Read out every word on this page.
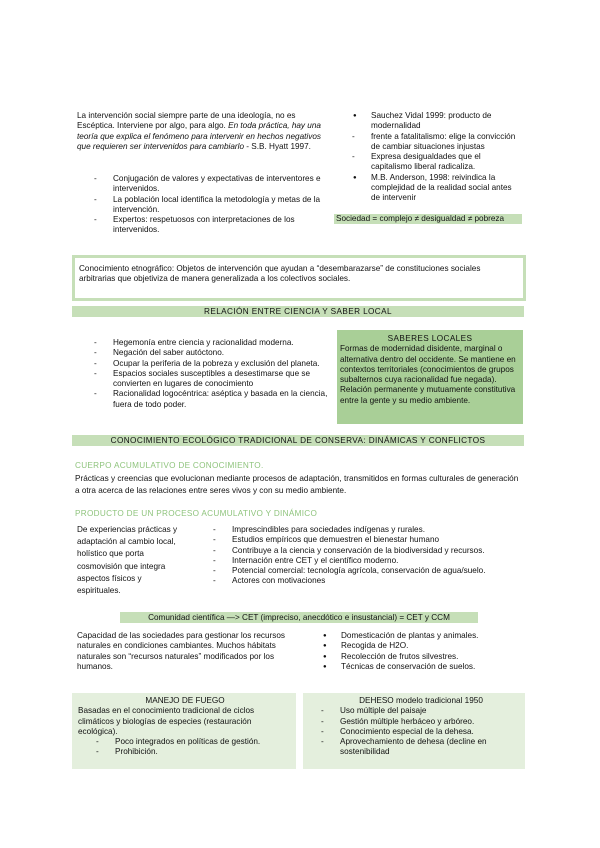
La intervención social siempre parte de una ideología, no es Escéptica. Interviene por algo, para algo. En toda práctica, hay una teoría que explica el fenómeno para intervenir en hechos negativos que requieren ser intervenidos para cambiarlo - S.B. Hyatt 1997.
- Conjugación de valores y expectativas de interventores e intervenidos.
- La población local identifica la metodología y metas de la intervención.
- Expertos: respetuosos con interpretaciones de los intervenidos.
● Sauchez Vidal 1999: producto de modernalidad
- frente a fatalitalismo: elige la convicción de cambiar situaciones injustas
- Expresa desigualdades que el capitalismo liberal radicaliza.
● M.B. Anderson, 1998: reivindica la complejidad de la realidad social antes de intervenir
Sociedad = complejo ≠ desigualdad ≠ pobreza
Conocimiento etnográfico: Objetos de intervención que ayudan a “desembarazarse” de constituciones sociales arbitrarias que objetiviza de manera generalizada a los colectivos sociales.
RELACIÓN ENTRE CIENCIA Y SABER LOCAL
- Hegemonía entre ciencia y racionalidad moderna.
- Negación del saber autóctono.
- Ocupar la periferia de la pobreza y exclusión del planeta.
- Espacios sociales susceptibles a desestimarse que se convierten en lugares de conocimiento
- Racionalidad logocéntrica: aséptica y basada en la ciencia, fuera de todo poder.
SABERES LOCALES
Formas de modernidad disidente, marginal o alternativa dentro del occidente. Se mantiene en contextos territoriales (conocimientos de grupos subalternos cuya racionalidad fue negada). Relación permanente y mutuamente constitutiva entre la gente y su medio ambiente.
CONOCIMIENTO ECOLÓGICO TRADICIONAL DE CONSERVA: DINÁMICAS Y CONFLICTOS
CUERPO ACUMULATIVO DE CONOCIMIENTO.
Prácticas y creencias que evolucionan mediante procesos de adaptación, transmitidos en formas culturales de generación a otra acerca de las relaciones entre seres vivos y con su medio ambiente.
PRODUCTO DE UN PROCESO ACUMULATIVO Y DINÁMICO
De experiencias prácticas y adaptación al cambio local, holístico que porta cosmovisión que integra aspectos físicos y espirituales.
- Imprescindibles para sociedades indígenas y rurales.
- Estudios empíricos que demuestren el bienestar humano
- Contribuye a la ciencia y conservación de la biodiversidad y recursos.
- Internación entre CET y el científico moderno.
- Potencial comercial: tecnología agrícola, conservación de agua/suelo.
- Actores con motivaciones
Comunidad científica —> CET (impreciso, anecdótico e insustancial) = CET y CCM
Capacidad de las sociedades para gestionar los recursos naturales en condiciones cambiantes. Muchos hábitats naturales son “recursos naturales” modificados por los humanos.
● Domesticación de plantas y animales.
● Recogida de H2O.
● Recolección de frutos silvestres.
● Técnicas de conservación de suelos.
MANEJO DE FUEGO
Basadas en el conocimiento tradicional de ciclos climáticos y biologías de especies (restauración ecológica).
- Poco integrados en políticas de gestión.
- Prohibición.
DEHESO modelo tradicional 1950
- Uso múltiple del paisaje
- Gestión múltiple herbáceo y arbóreo.
- Conocimiento especial de la dehesa.
- Aprovechamiento de dehesa (decline en sostenibilidad
